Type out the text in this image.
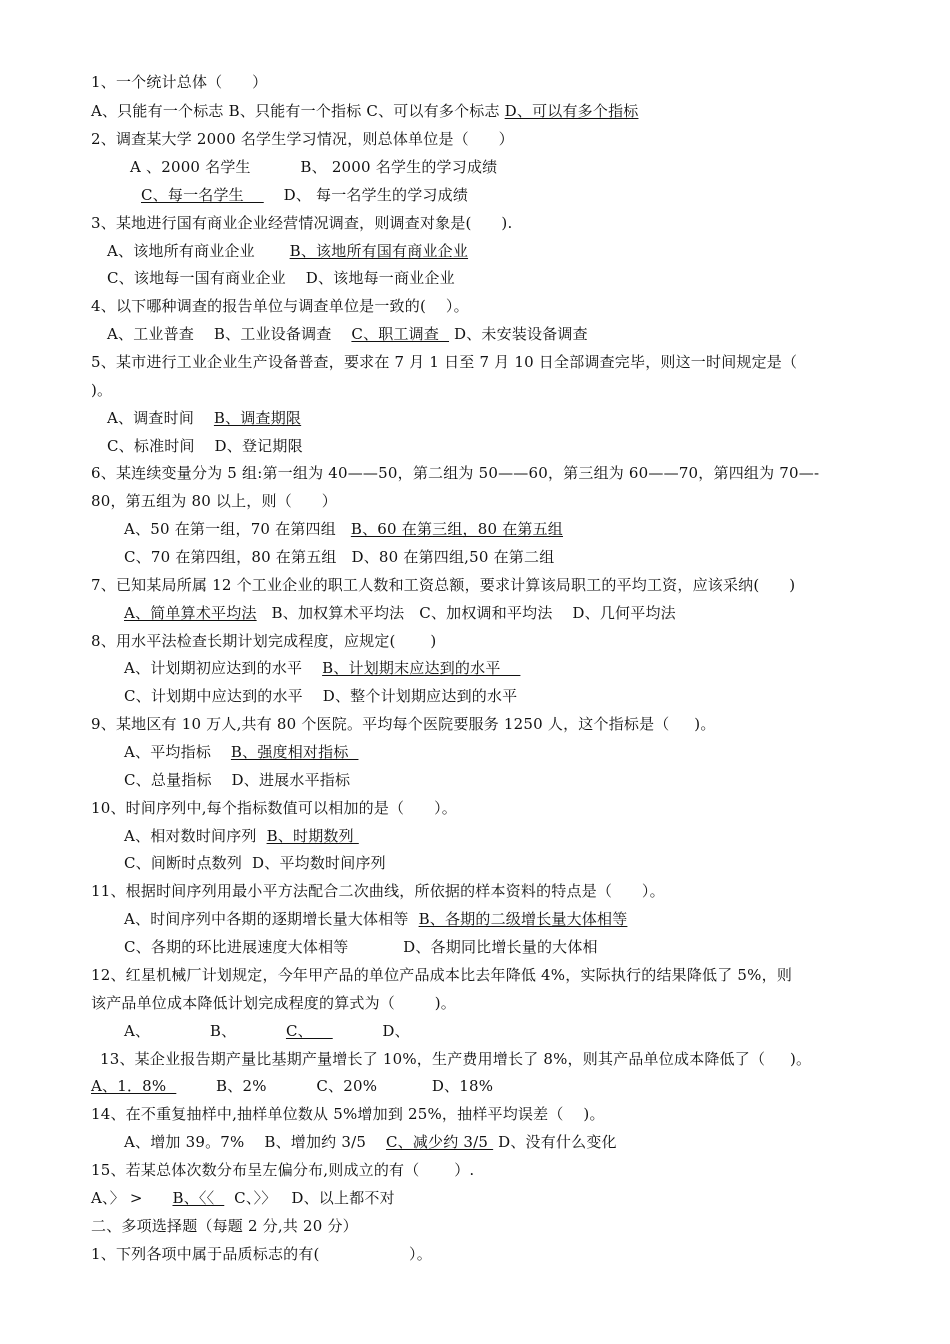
1、一个统计总体（      ）
A、只能有一个标志 B、只能有一个指标 C、可以有多个标志 D、可以有多个指标
2、调查某大学 2000 名学生学习情况，则总体单位是（      ）
A 、2000 名学生          B、 2000 名学生的学习成绩
C、每一名学生        D、 每一名学生的学习成绩
3、某地进行国有商业企业经营情况调查，则调查对象是(      ).
A、该地所有商业企业       B、该地所有国有商业企业
C、该地每一国有商业企业    D、该地每一商业企业
4、以下哪种调查的报告单位与调查单位是一致的(    ）。
A、工业普查    B、工业设备调查    C、职工调查   D、未安装设备调查
5、某市进行工业企业生产设备普查，要求在 7 月 1 日至 7 月 10 日全部调查完毕，则这一时间规定是（
)。
A、调查时间    B、调查期限
C、标准时间    D、登记期限
6、某连续变量分为 5 组:第一组为 40——50，第二组为 50——60，第三组为 60——70，第四组为 70—-
80，第五组为 80 以上，则（      ）
A、50 在第一组，70 在第四组   B、60 在第三组，80 在第五组
C、70 在第四组，80 在第五组   D、80 在第四组,50 在第二组
7、已知某局所属 12 个工业企业的职工人数和工资总额，要求计算该局职工的平均工资，应该采纳(      )
A、简单算术平均法   B、加权算术平均法   C、加权调和平均法    D、几何平均法
8、用水平法检查长期计划完成程度，应规定(       )
A、计划期初应达到的水平    B、计划期末应达到的水平
C、计划期中应达到的水平    D、整个计划期应达到的水平
9、某地区有 10 万人,共有 80 个医院。平均每个医院要服务 1250 人，这个指标是（     )。
A、平均指标    B、强度相对指标
C、总量指标    D、进展水平指标
10、时间序列中,每个指标数值可以相加的是（      ）。
A、相对数时间序列  B、时期数列
C、间断时点数列  D、平均数时间序列
11、根据时间序列用最小平方法配合二次曲线，所依据的样本资料的特点是（      ）。
A、时间序列中各期的逐期增长量大体相等  B、各期的二级增长量大体相等
C、各期的环比进展速度大体相等           D、各期同比增长量的大体相
12、红星机械厂计划规定，今年甲产品的单位产品成本比去年降低 4%，实际执行的结果降低了 5%，则
该产品单位成本降低计划完成程度的算式为（        )。
A、            B、          C、              D、
13、某企业报告期产量比基期产量增长了 10%，生产费用增长了 8%，则其产品单位成本降低了（     )。
A、1．8%          B、2%          C、20%           D、18%
14、在不重复抽样中,抽样单位数从 5%增加到 25%，抽样平均误差（    )。
A、增加 39。7%    B、增加约 3/5    C、减少约 3/5  D、没有什么变化
15、若某总体次数分布呈左偏分布,则成立的有（       ）.
A、〉 >      B、〈〈    C、〉〉   D、以上都不对
二、多项选择题（每题 2 分,共 20 分）
1、下列各项中属于品质标志的有(                  ）。
